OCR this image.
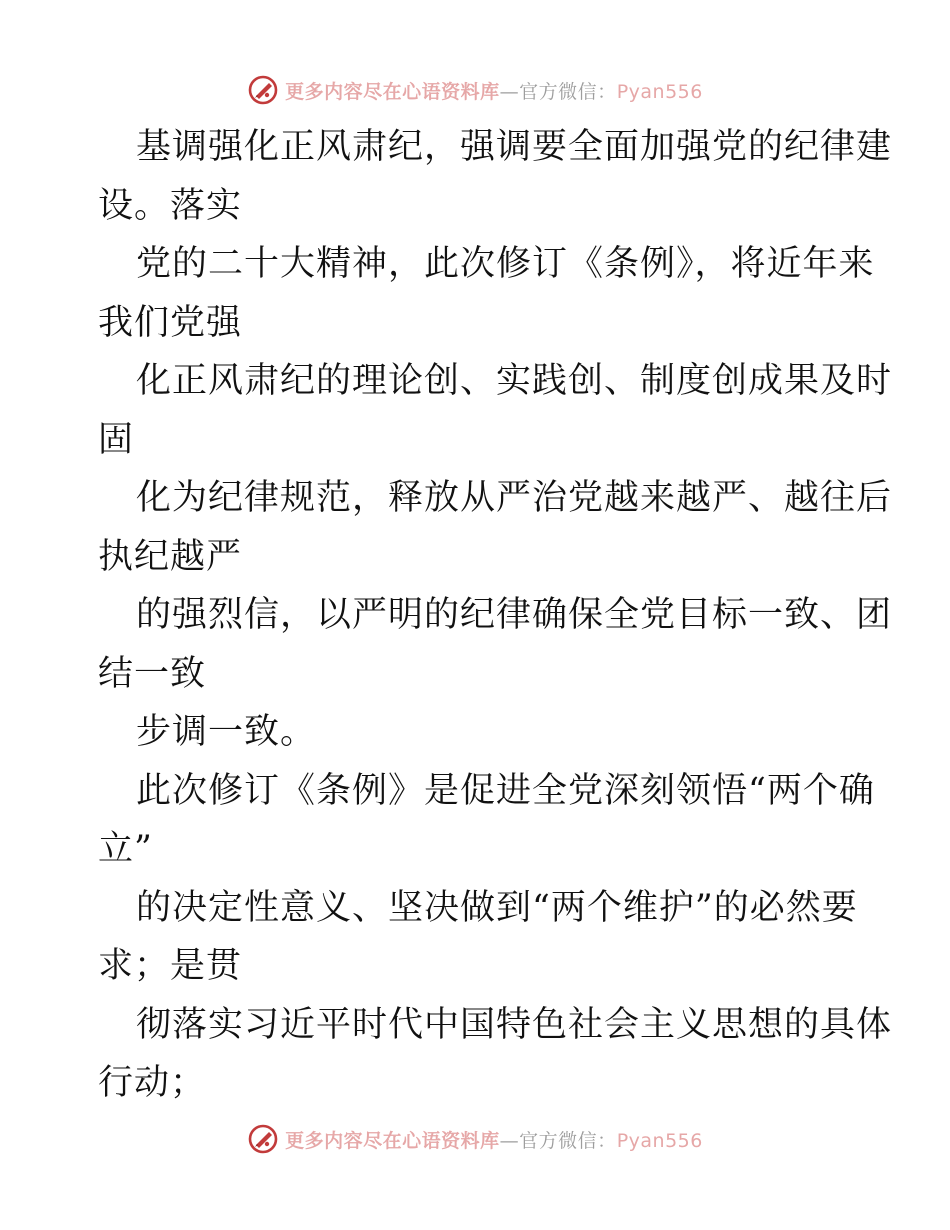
更多内容尽在心语资料库—官方微信：Pyan556
基调强化正风肃纪，强调要全面加强党的纪律建
设。落实
党的二十大精神，此次修订《条例》，将近年来
我们党强
化正风肃纪的理论创、实践创、制度创成果及时
固
化为纪律规范，释放从严治党越来越严、越往后
执纪越严
的强烈信，以严明的纪律确保全党目标一致、团
结一致
步调一致。
此次修订《条例》是促进全党深刻领悟“两个确
立”
的决定性意义、坚决做到“两个维护”的必然要
求；是贯
彻落实习近平时代中国特色社会主义思想的具体
行动；
更多内容尽在心语资料库—官方微信：Pyan556
